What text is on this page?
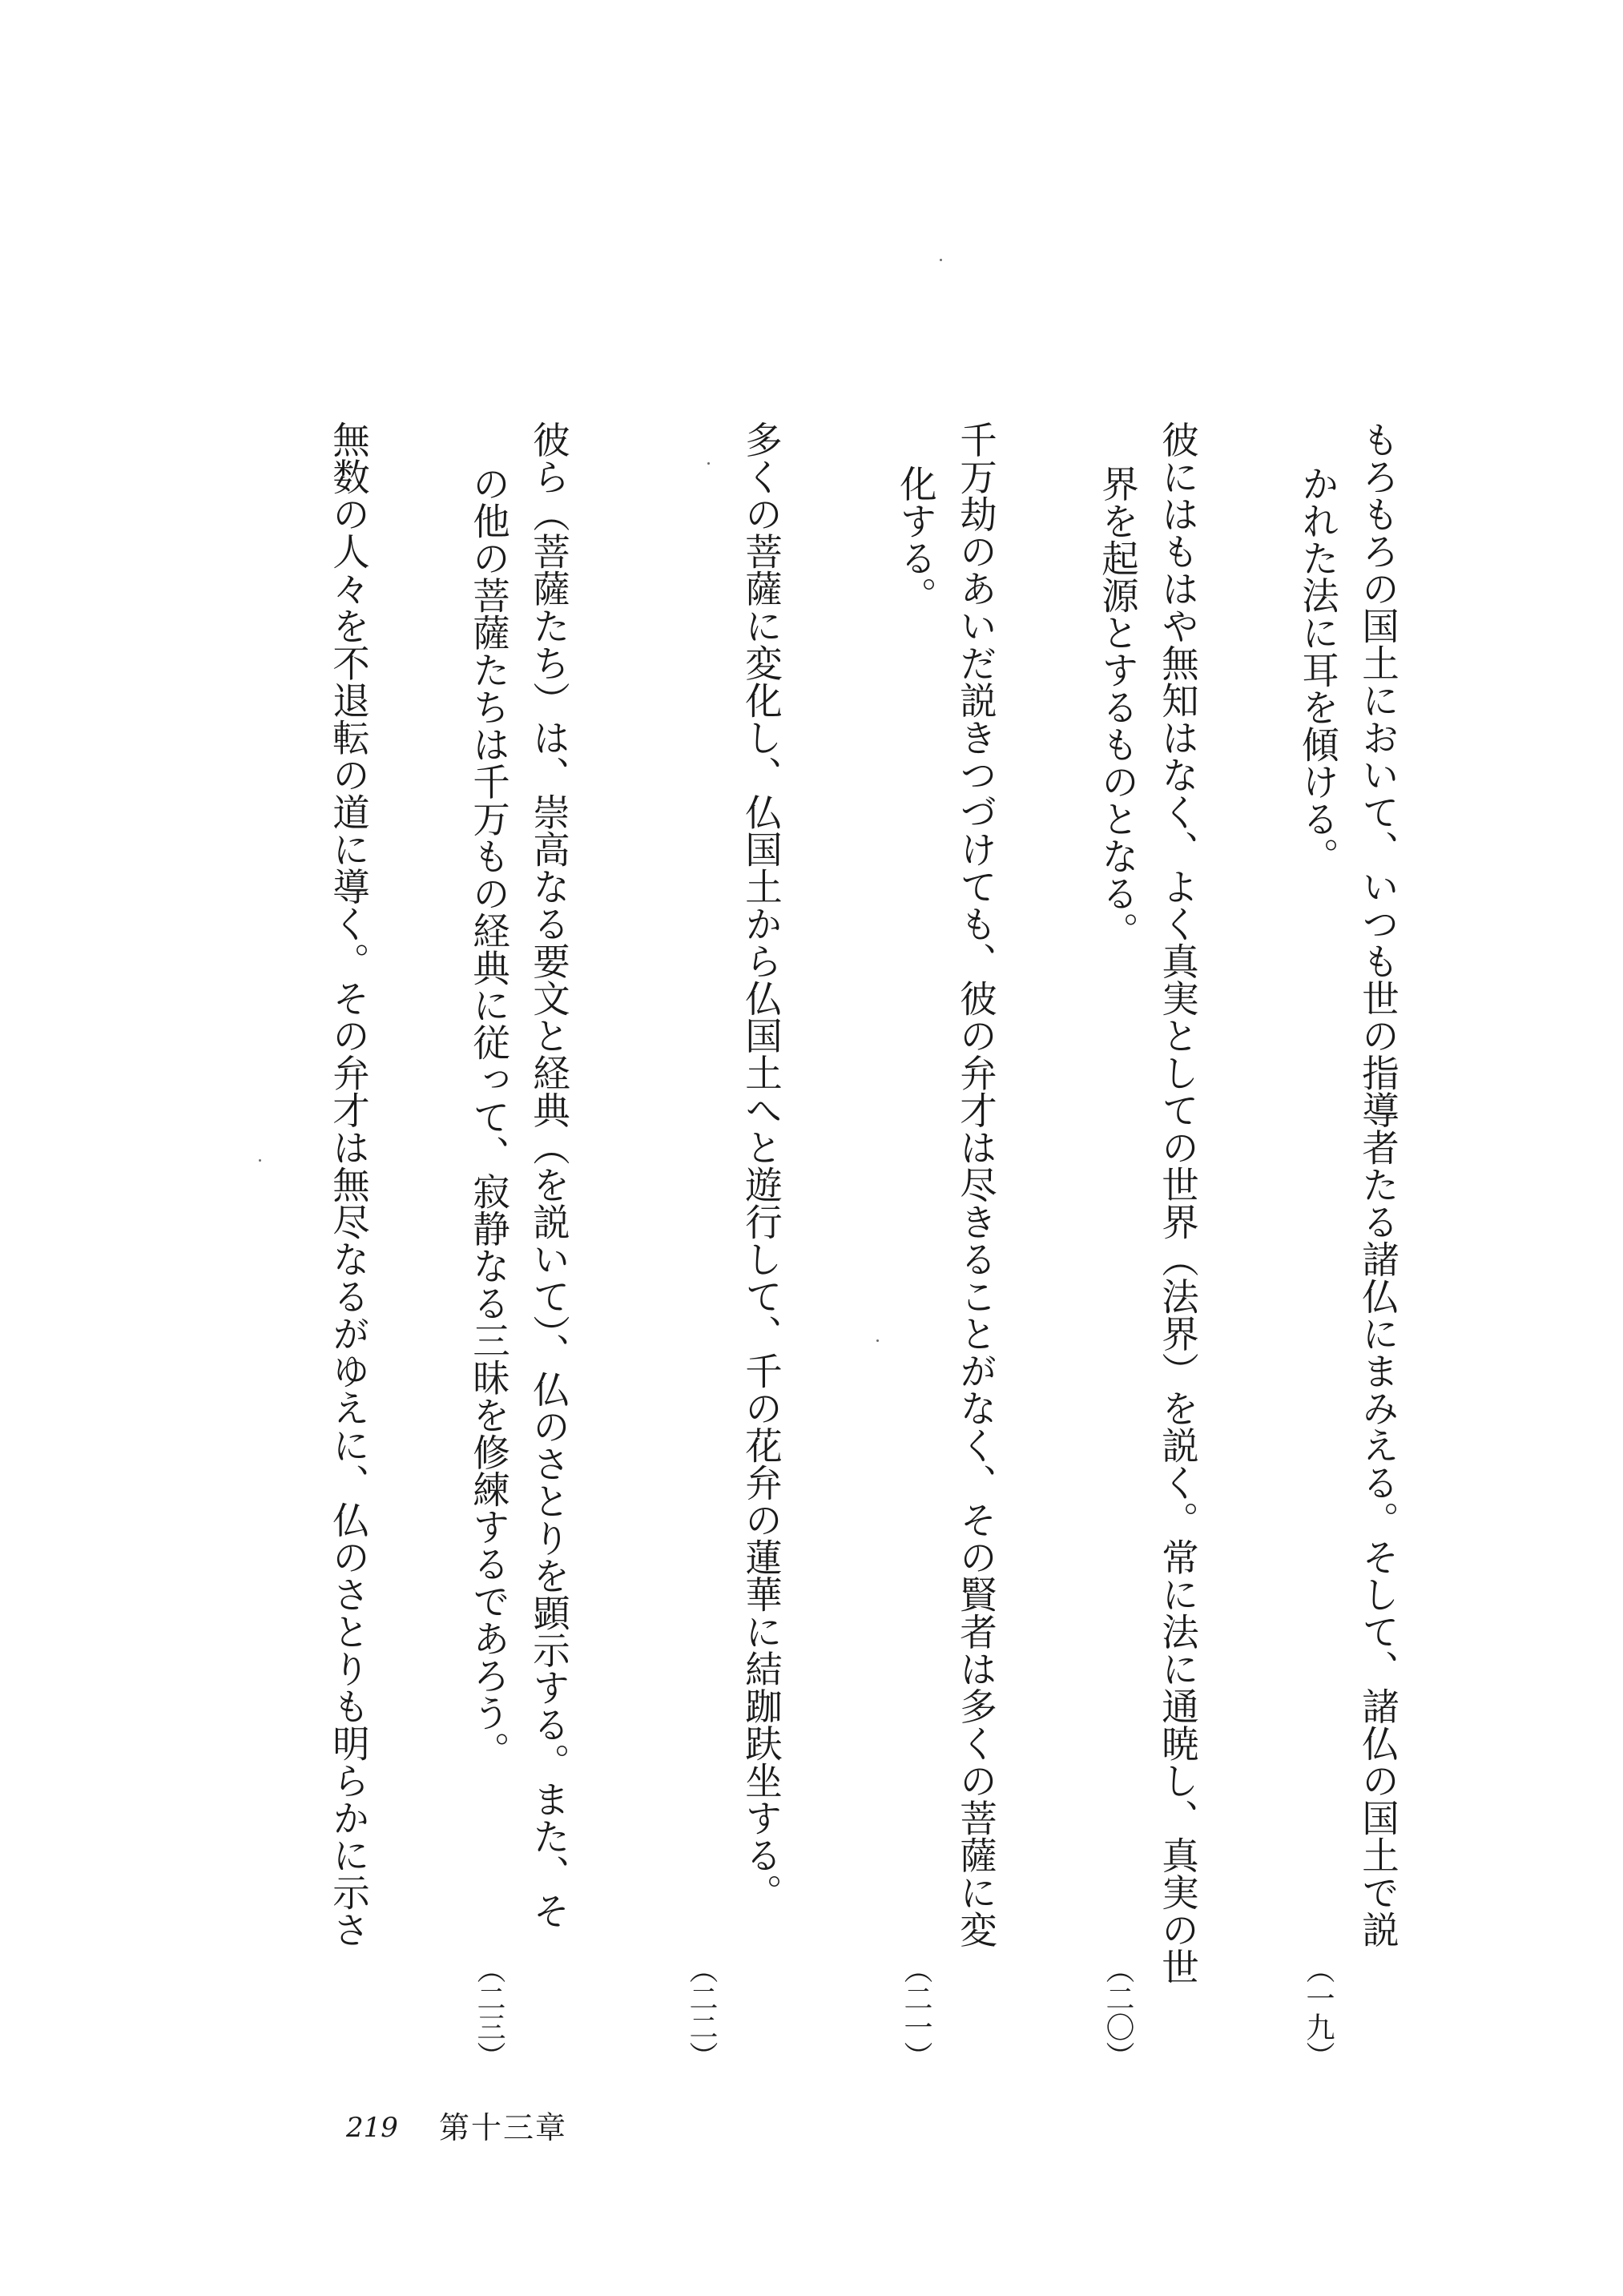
もろもろの国土において、いつも世の指導者たる諸仏にまみえる。そして、諸仏の国土で説
かれた法に耳を傾ける。
彼にはもはや無知はなく、よく真実としての世界（法界）を説く。常に法に通暁し、真実の世
界を起源とするものとなる。
千万劫のあいだ説きつづけても、彼の弁才は尽きることがなく、その賢者は多くの菩薩に変
化する。
多くの菩薩に変化し、仏国土から仏国土へと遊行して、千の花弁の蓮華に結跏趺坐する。
彼ら（菩薩たち）は、崇高なる要文と経典（を説いて）、仏のさとりを顕示する。また、そ
の他の菩薩たちは千万もの経典に従って、寂静なる三昧を修練するであろう。
無数の人々を不退転の道に導く。その弁才は無尽なるがゆえに、仏のさとりも明らかに示さ
（一九）
（二〇）
（二一）
（二二）
（二三）
219 第十三章
